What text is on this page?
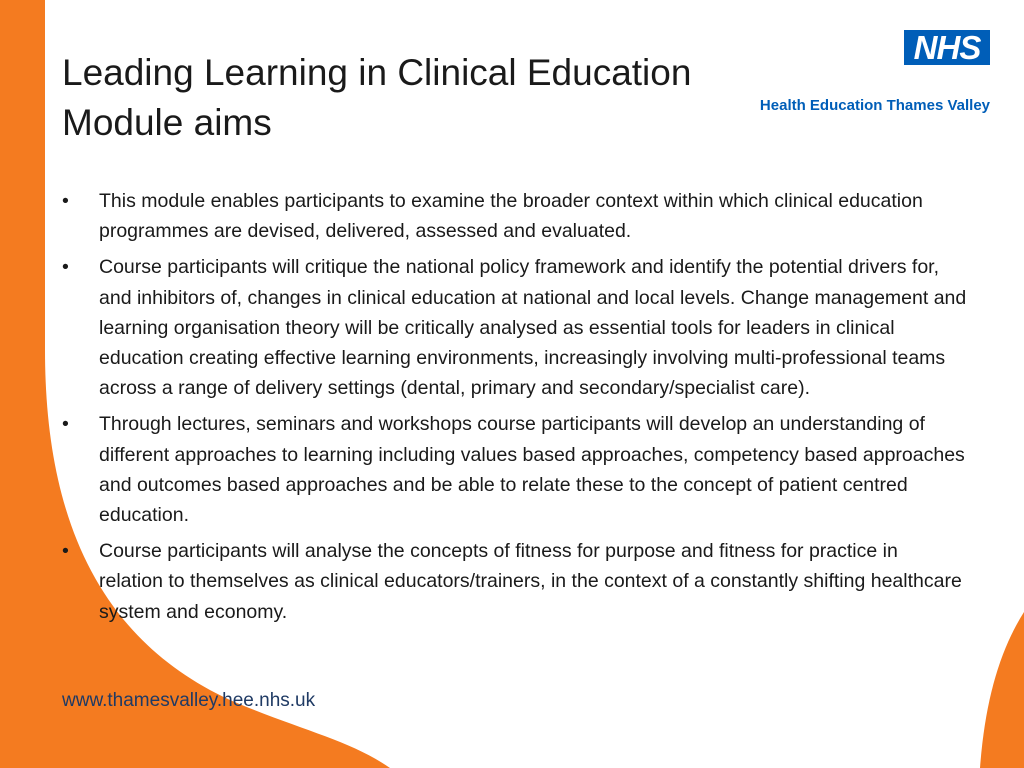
Leading Learning in Clinical Education
Module aims
NHS
Health Education Thames Valley
• This module enables participants to examine the broader context within which clinical education programmes are devised, delivered, assessed and evaluated.
• Course participants will critique the national policy framework and identify the potential drivers for, and inhibitors of, changes in clinical education at national and local levels. Change management and learning organisation theory will be critically analysed as essential tools for leaders in clinical education creating effective learning environments, increasingly involving multi-professional teams across a range of delivery settings (dental, primary and secondary/specialist care).
• Through lectures, seminars and workshops course participants will develop an understanding of different approaches to learning including values based approaches, competency based approaches and outcomes based approaches and be able to relate these to the concept of patient centred education.
• Course participants will analyse the concepts of fitness for purpose and fitness for practice in relation to themselves as clinical educators/trainers, in the context of a constantly shifting healthcare system and economy.
www.thamesvalley.hee.nhs.uk
